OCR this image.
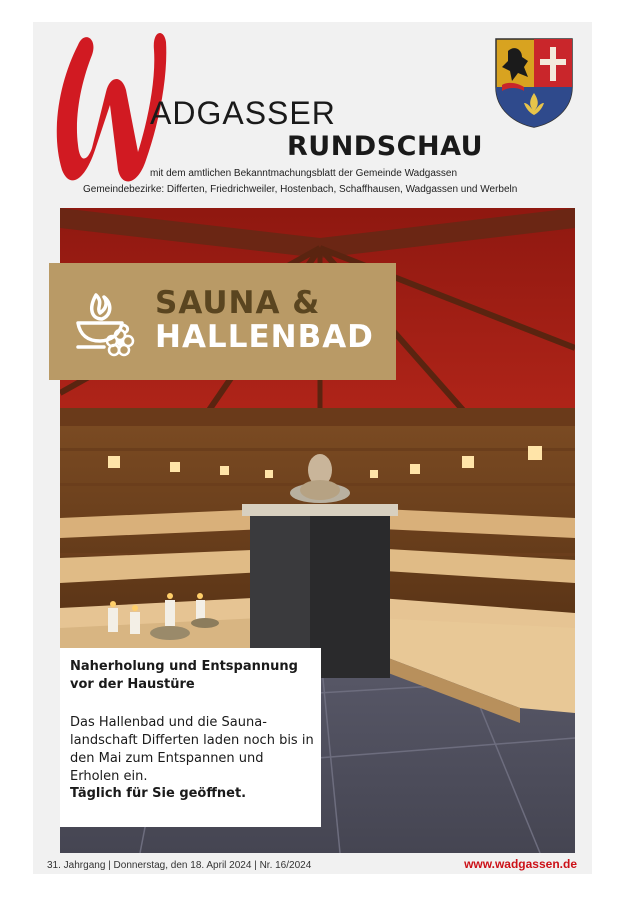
ADGASSER
RUNDSCHAU
mit dem amtlichen Bekanntmachungsblatt der Gemeinde Wadgassen
Gemeindebezirke: Differten, Friedrichweiler, Hostenbach, Schaffhausen, Wadgassen und Werbeln
SAUNA &
HALLENBAD
Naherholung und Entspannung vor der Haustüre
Das Hallenbad und die Sauna-landschaft Differten laden noch bis in den Mai zum Entspannen und Erholen ein.
Täglich für Sie geöffnet.
31. Jahrgang | Donnerstag, den 18. April 2024 | Nr. 16/2024	www.wadgassen.de
